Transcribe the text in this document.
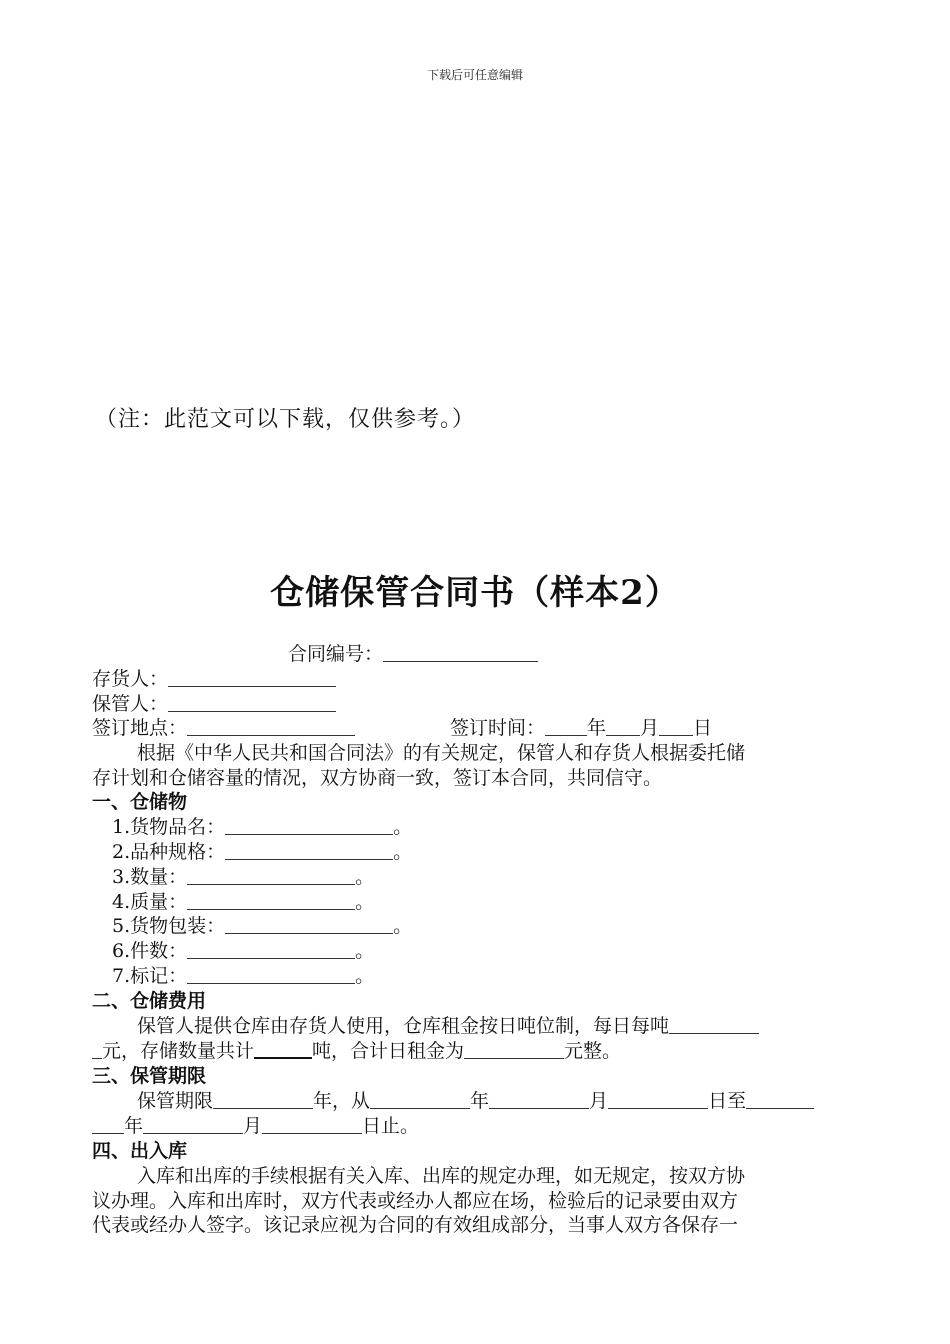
下载后可任意编辑
（注：此范文可以下载，仅供参考。）
仓储保管合同书（样本2）
合同编号：
存货人：
保管人：
签订地点：	签订时间： 年 月 日
根据《中华人民共和国合同法》的有关规定，保管人和存货人根据委托储
存计划和仓储容量的情况，双方协商一致，签订本合同，共同信守。
一、仓储物
1.货物品名：	。
2.品种规格：	。
3.数量：	。
4.质量：	。
5.货物包装：	。
6.件数：	。
7.标记：	。
二、仓储费用
保管人提供仓库由存货人使用，仓库租金按日吨位制，每日每吨
元，存储数量共计	吨，合计日租金为	元整。
三、保管期限
保管期限	年，从	年	月	日至
年	月	日止。
四、出入库
入库和出库的手续根据有关入库、出库的规定办理，如无规定，按双方协
议办理。入库和出库时，双方代表或经办人都应在场，检验后的记录要由双方
代表或经办人签字。该记录应视为合同的有效组成部分，当事人双方各保存一
